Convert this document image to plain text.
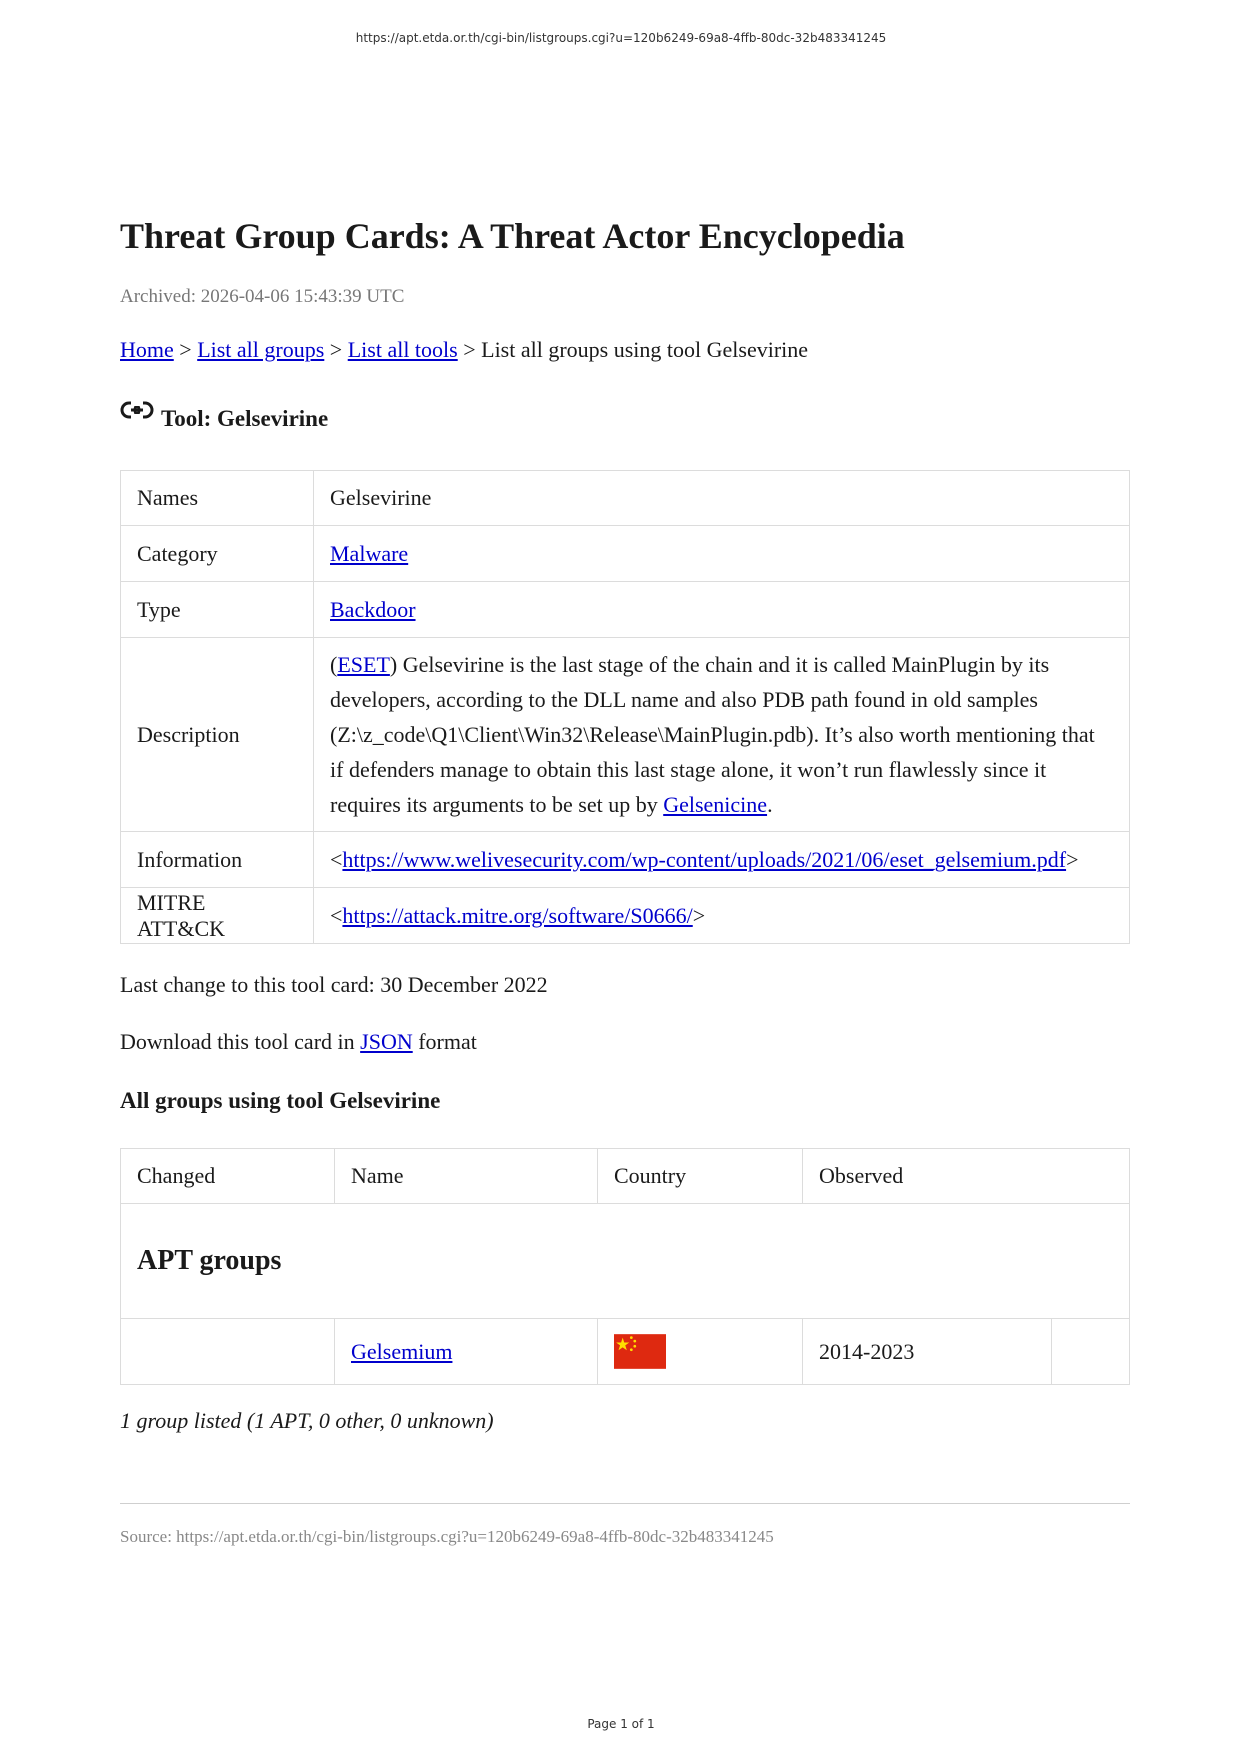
https://apt.etda.or.th/cgi-bin/listgroups.cgi?u=120b6249-69a8-4ffb-80dc-32b483341245
Threat Group Cards: A Threat Actor Encyclopedia
Archived: 2026-04-06 15:43:39 UTC
Home > List all groups > List all tools > List all groups using tool Gelsevirine
Tool: Gelsevirine
Names	Gelsevirine
Category	Malware
Type	Backdoor
Description	(ESET) Gelsevirine is the last stage of the chain and it is called MainPlugin by its developers, according to the DLL name and also PDB path found in old samples (Z:\z_code\Q1\Client\Win32\Release\MainPlugin.pdb). It’s also worth mentioning that if defenders manage to obtain this last stage alone, it won’t run flawlessly since it requires its arguments to be set up by Gelsenicine.
Information	<https://www.welivesecurity.com/wp-content/uploads/2021/06/eset_gelsemium.pdf>
MITRE ATT&CK	<https://attack.mitre.org/software/S0666/>
Last change to this tool card: 30 December 2022
Download this tool card in JSON format
All groups using tool Gelsevirine
Changed	Name	Country	Observed	
APT groups				
	Gelsemium		2014-2023	
1 group listed (1 APT, 0 other, 0 unknown)
Source: https://apt.etda.or.th/cgi-bin/listgroups.cgi?u=120b6249-69a8-4ffb-80dc-32b483341245
Page 1 of 1
